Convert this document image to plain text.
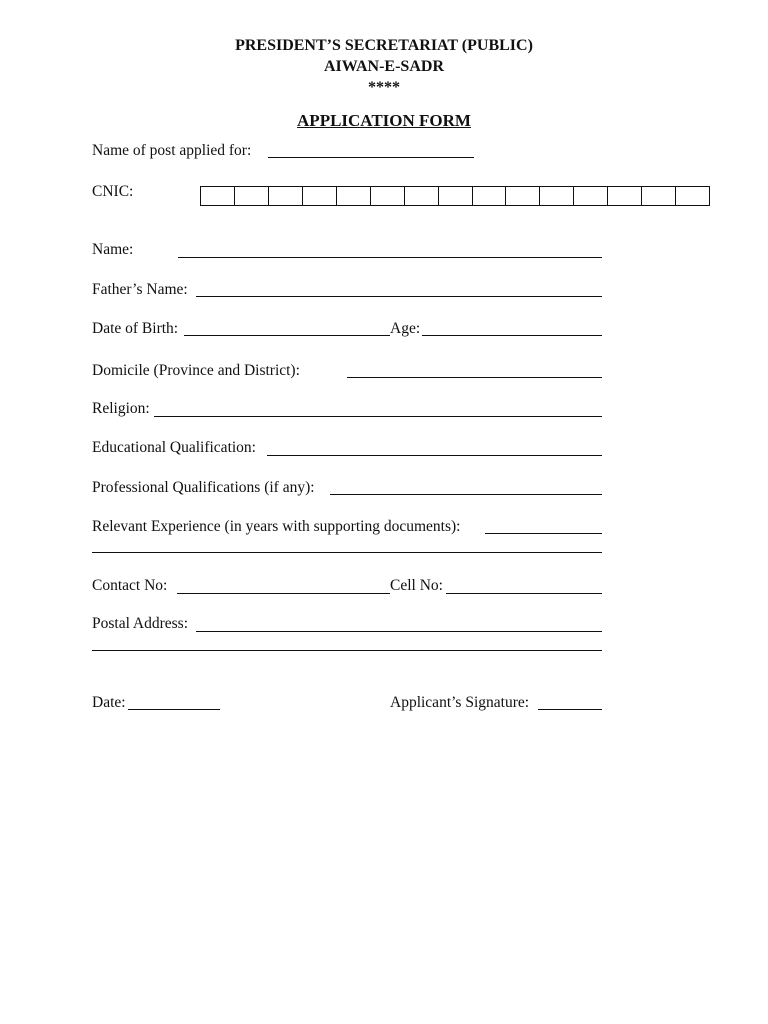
PRESIDENT’S SECRETARIAT (PUBLIC)
AIWAN-E-SADR
****
APPLICATION FORM
Name of post applied for:
CNIC:
Name:
Father’s Name:
Date of Birth:	Age:
Domicile (Province and District):
Religion:
Educational Qualification:
Professional Qualifications (if any):
Relevant Experience (in years with supporting documents):
Contact No:	Cell No:
Postal Address:
Date:	Applicant’s Signature:
